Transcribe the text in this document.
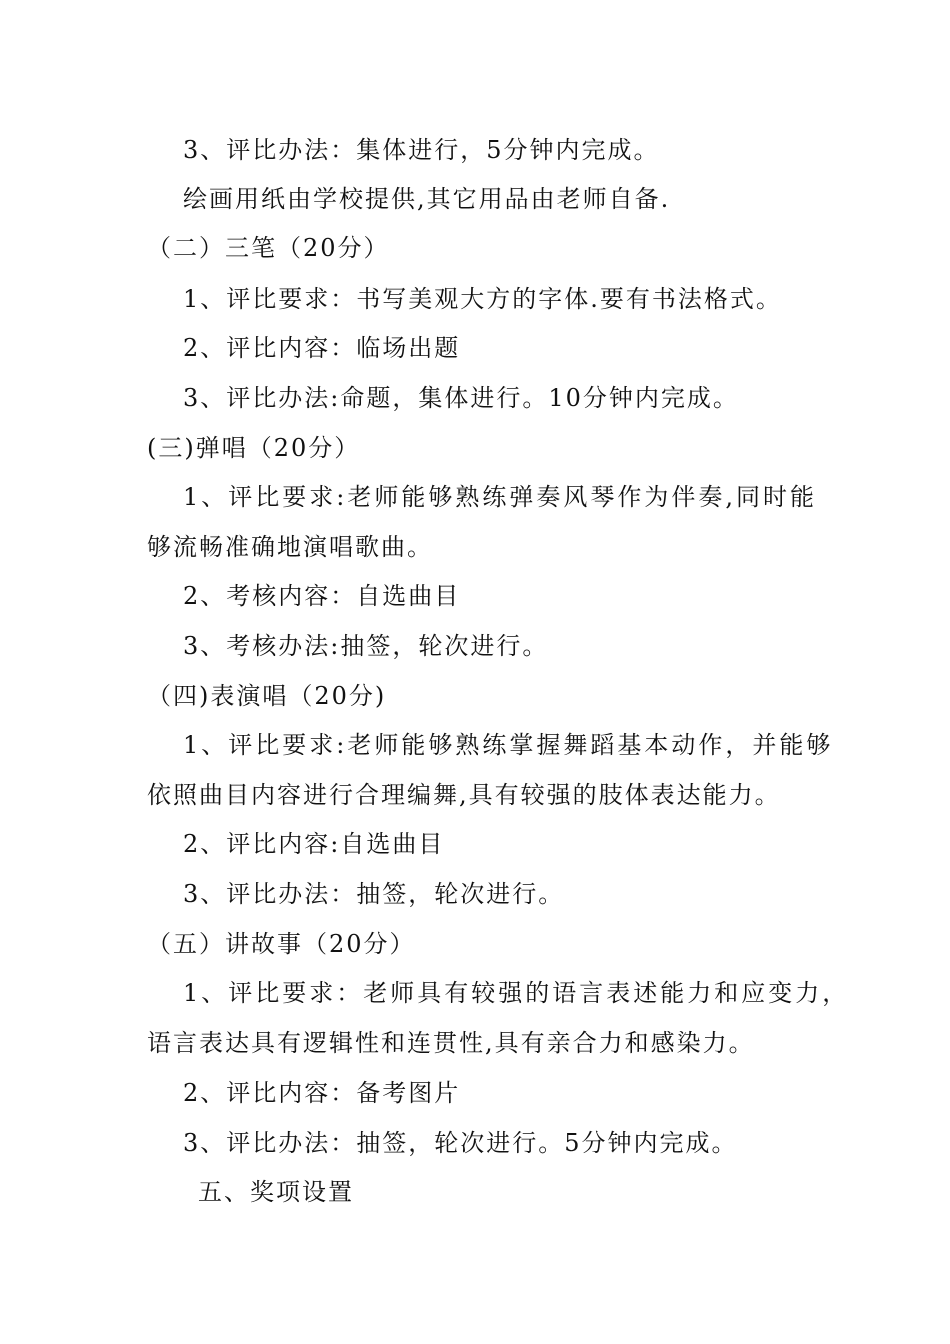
3、评比办法：集体进行，5分钟内完成。
绘画用纸由学校提供,其它用品由老师自备.
（二）三笔（20分）
1、评比要求：书写美观大方的字体.要有书法格式。
2、评比内容：临场出题
3、评比办法:命题，集体进行。10分钟内完成。
(三)弹唱（20分）
1、评比要求:老师能够熟练弹奏风琴作为伴奏,同时能
够流畅准确地演唱歌曲。
2、考核内容：自选曲目
3、考核办法:抽签，轮次进行。
（四)表演唱（20分)
1、评比要求:老师能够熟练掌握舞蹈基本动作，并能够
依照曲目内容进行合理编舞,具有较强的肢体表达能力。
2、评比内容:自选曲目
3、评比办法：抽签，轮次进行。
（五）讲故事（20分）
1、评比要求：老师具有较强的语言表述能力和应变力，
语言表达具有逻辑性和连贯性,具有亲合力和感染力。
2、评比内容：备考图片
3、评比办法：抽签，轮次进行。5分钟内完成。
五、奖项设置
